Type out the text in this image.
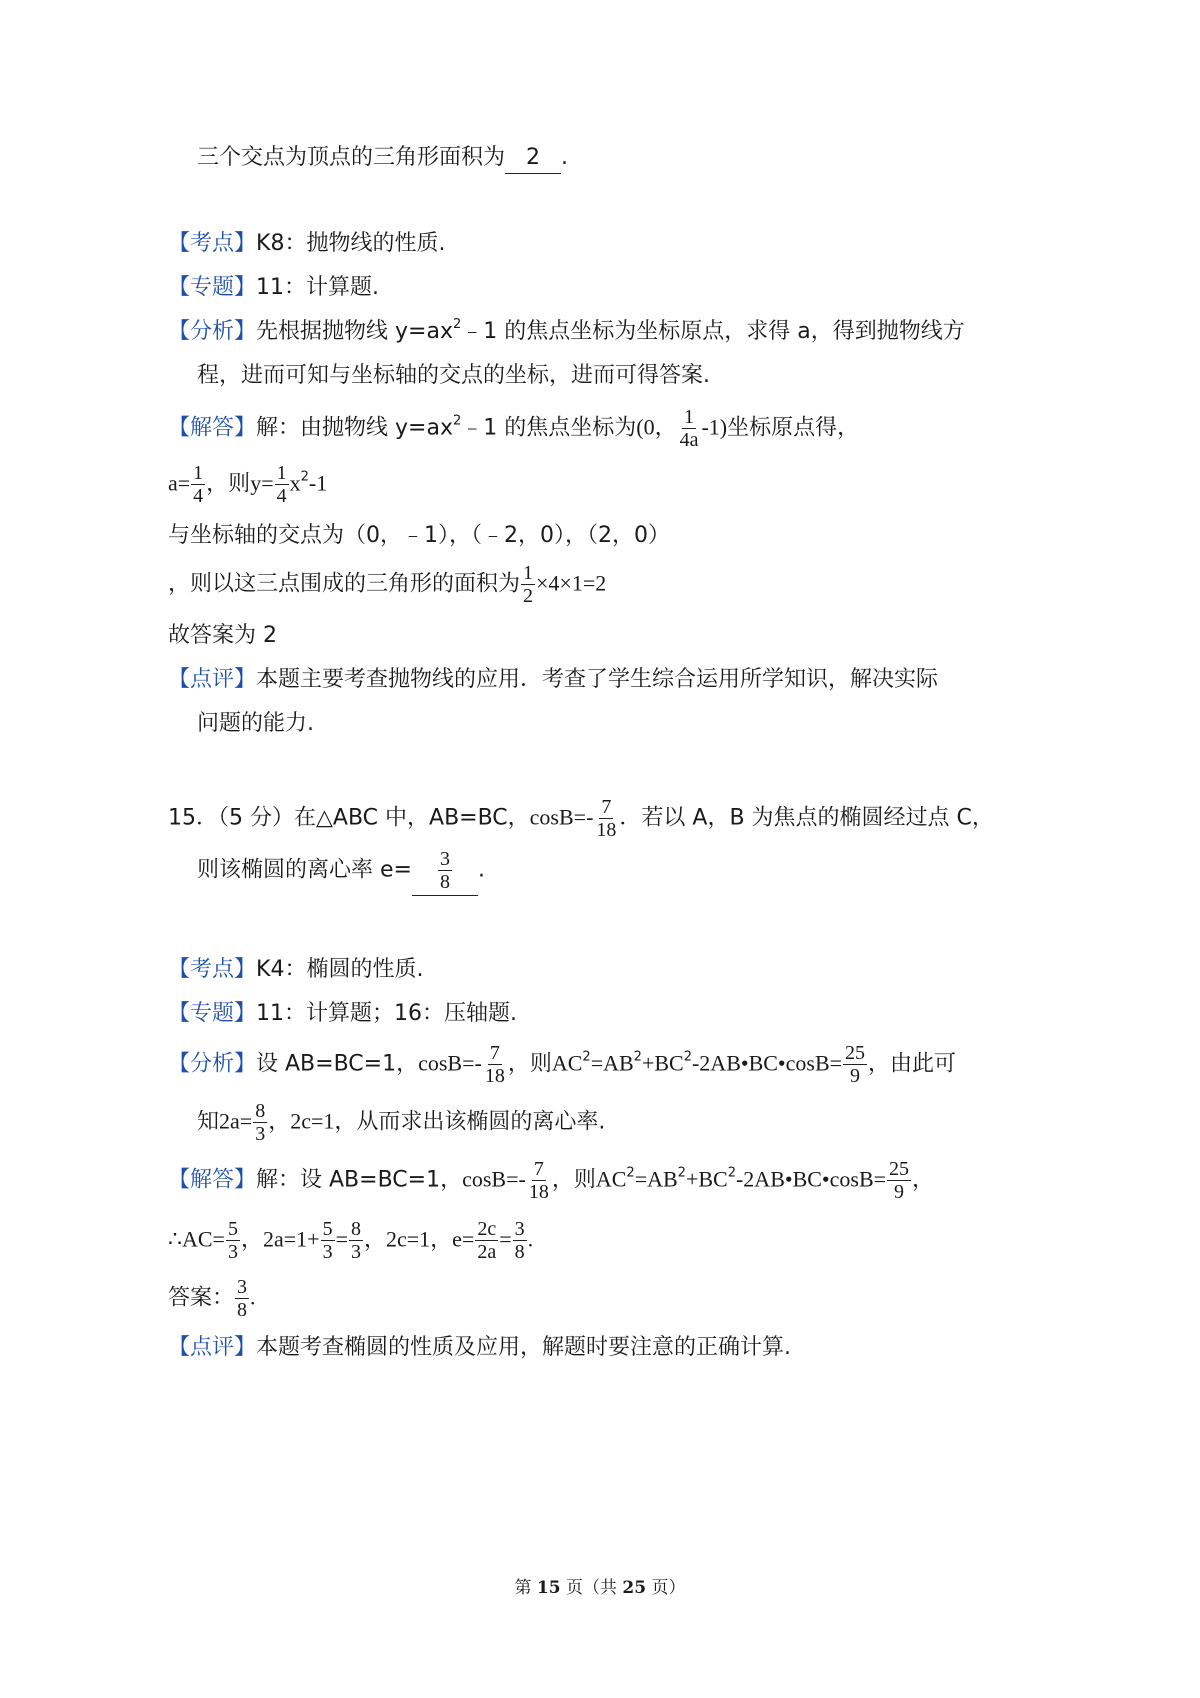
三个交点为顶点的三角形面积为 2 .
【考点】K8：抛物线的性质.
【专题】11：计算题.
【分析】先根据抛物线 $y=ax^2﹣1$ 的焦点坐标为坐标原点，求得 a，得到抛物线方
程，进而可知与坐标轴的交点的坐标，进而可得答案.
【解答】解：由抛物线 $y=ax^2﹣1$ 的焦点坐标为(0， $\frac{1}{4a} -1$)坐标原点得，
$a= \frac{1}{4}$ ，则$y= \frac{1}{4} x^2-1$
与坐标轴的交点为（0，﹣1），（﹣2，0），（2，0）
，则以这三点围成的三角形的面积为 $\frac{1}{2} \times 4\times 1=2$
故答案为 2
【点评】本题主要考查抛物线的应用．考查了学生综合运用所学知识，解决实际
问题的能力.
15．（5 分）在△ABC 中，AB=BC，$\cos B=- \frac{7}{18}$ ．若以 A，B 为焦点的椭圆经过点 C，
则该椭圆的离心率 $e= \frac{3}{8}$ .
【考点】K4：椭圆的性质.
【专题】11：计算题；16：压轴题.
【分析】设 AB=BC=1，$\cos B=- \frac{7}{18}$ ，则$AC^2=AB^2+BC^2-2AB•BC•\cos B= \frac{25}{9}$ ，由此可
知$2a= \frac{8}{3}$ ，2c=1，从而求出该椭圆的离心率.
【解答】解：设 AB=BC=1，$\cos B=- \frac{7}{18}$ ，则$AC^2=AB^2+BC^2-2AB•BC•\cos B= \frac{25}{9}$ ，
∴AC= $\frac{5}{3}$ ，$2a=1+ \frac{5}{3} = \frac{8}{3}$ ，2c=1，$e= \frac{2c}{2a} = \frac{3}{8}$ .
答案： $\frac{3}{8}$ .
【点评】本题考查椭圆的性质及应用，解题时要注意的正确计算.
第 15 页（共 25 页）
